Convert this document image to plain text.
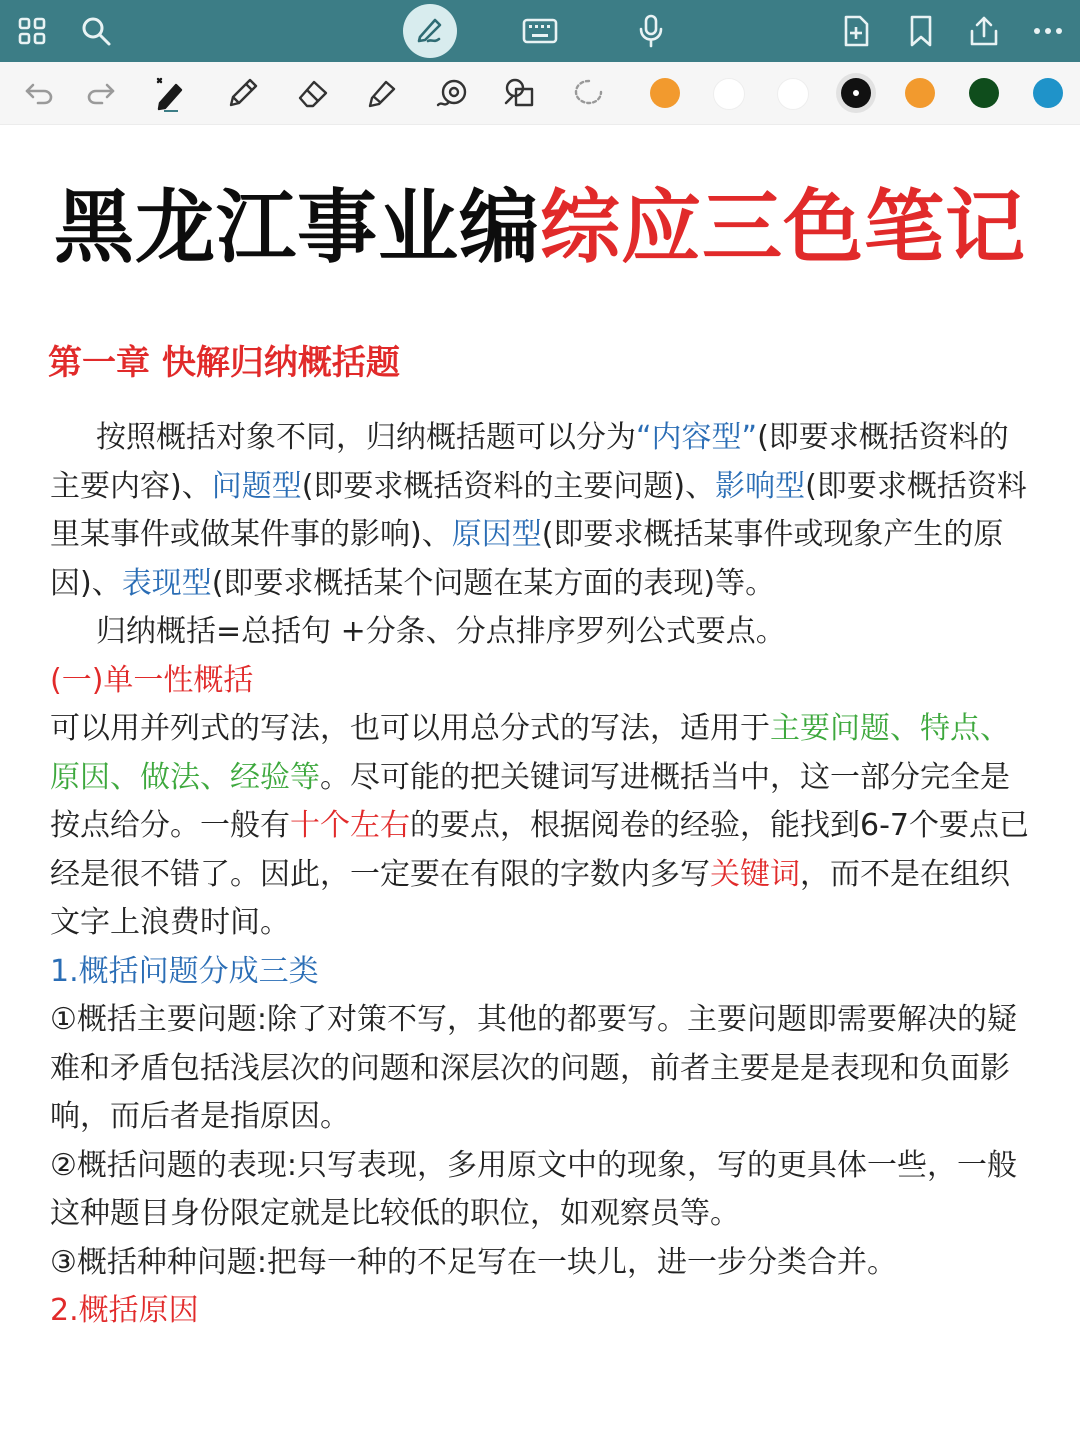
黑龙江事业编综应三色笔记
第一章 快解归纳概括题

按照概括对象不同，归纳概括题可以分为“内容型”(即要求概括资料的主要内容)、问题型(即要求概括资料的主要问题)、影响型(即要求概括资料里某事件或做某件事的影响)、原因型(即要求概括某事件或现象产生的原因)、表现型(即要求概括某个问题在某方面的表现)等。

归纳概括=总括句 +分条、分点排序罗列公式要点。

(一)单一性概括

可以用并列式的写法，也可以用总分式的写法，适用于主要问题、特点、原因、做法、经验等。尽可能的把关键词写进概括当中，这一部分完全是按点给分。一般有十个左右的要点，根据阅卷的经验，能找到6-7个要点已经是很不错了。因此，一定要在有限的字数内多写关键词，而不是在组织文字上浪费时间。

1.概括问题分成三类

①概括主要问题:除了对策不写，其他的都要写。主要问题即需要解决的疑难和矛盾包括浅层次的问题和深层次的问题，前者主要是是表现和负面影响，而后者是指原因。

②概括问题的表现:只写表现，多用原文中的现象，写的更具体一些，一般这种题目身份限定就是比较低的职位，如观察员等。

③概括种种问题:把每一种的不足写在一块儿，进一步分类合并。

2.概括原因
